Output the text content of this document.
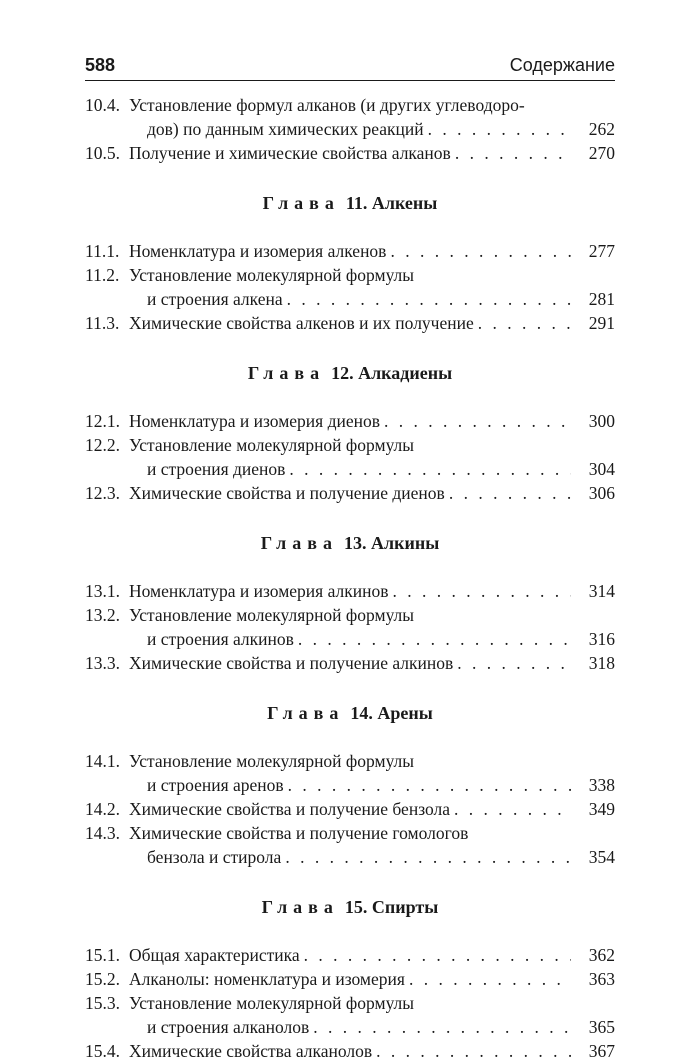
588	Содержание
10.4. Установление формул алканов (и других углеводоро-
дов) по данным химических реакций . . .	262
10.5. Получение и химические свойства алканов . . .	270
Глава 11. Алкены
11.1. Номенклатура и изомерия алкенов . . .	277
11.2. Установление молекулярной формулы
и строения алкена . . .	281
11.3. Химические свойства алкенов и их получение . . .	291
Глава 12. Алкадиены
12.1. Номенклатура и изомерия диенов . . .	300
12.2. Установление молекулярной формулы
и строения диенов . . .	304
12.3. Химические свойства и получение диенов . . .	306
Глава 13. Алкины
13.1. Номенклатура и изомерия алкинов . . .	314
13.2. Установление молекулярной формулы
и строения алкинов . . .	316
13.3. Химические свойства и получение алкинов . . .	318
Глава 14. Арены
14.1. Установление молекулярной формулы
и строения аренов . . .	338
14.2. Химические свойства и получение бензола . . .	349
14.3. Химические свойства и получение гомологов
бензола и стирола . . .	354
Глава 15. Спирты
15.1. Общая характеристика . . .	362
15.2. Алканолы: номенклатура и изомерия . . .	363
15.3. Установление молекулярной формулы
и строения алканолов . . .	365
15.4. Химические свойства алканолов . . .	367
